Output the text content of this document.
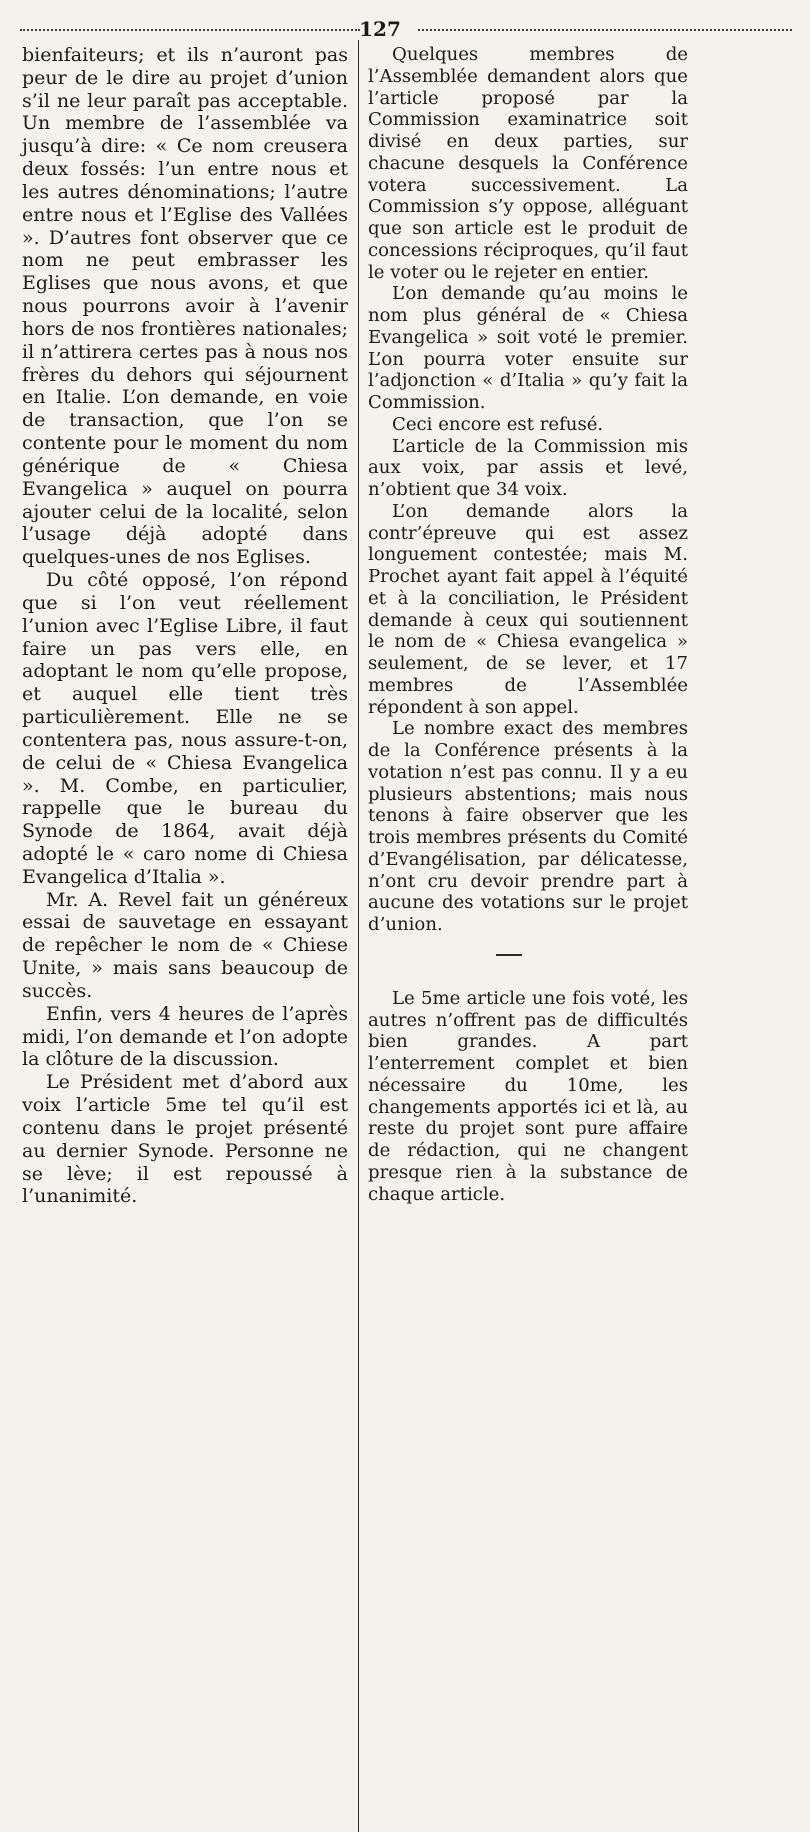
127

bienfaiteurs; et ils n’auront pas peur de le dire au projet d’union s’il ne leur paraît pas acceptable. Un membre de l’assemblée va jusqu’à dire: « Ce nom creusera deux fossés: l’un entre nous et les autres dénominations; l’autre entre nous et l’Eglise des Vallées ». D’autres font observer que ce nom ne peut embrasser les Eglises que nous avons, et que nous pourrons avoir à l’avenir hors de nos frontières nationales; il n’attirera certes pas à nous nos frères du dehors qui séjournent en Italie. L’on demande, en voie de transaction, que l’on se contente pour le moment du nom générique de « Chiesa Evangelica » auquel on pourra ajouter celui de la localité, selon l’usage déjà adopté dans quelques-unes de nos Eglises.

Du côté opposé, l’on répond que si l’on veut réellement l’union avec l’Eglise Libre, il faut faire un pas vers elle, en adoptant le nom qu’elle propose, et auquel elle tient très particulièrement. Elle ne se contentera pas, nous assure-t-on, de celui de « Chiesa Evangelica ». M. Combe, en particulier, rappelle que le bureau du Synode de 1864, avait déjà adopté le « caro nome di Chiesa Evangelica d’Italia ».

Mr. A. Revel fait un généreux essai de sauvetage en essayant de repêcher le nom de « Chiese Unite, » mais sans beaucoup de succès.

Enfin, vers 4 heures de l’après midi, l’on demande et l’on adopte la clôture de la discussion.

Le Président met d’abord aux voix l’article 5me tel qu’il est contenu dans le projet présenté au dernier Synode. Personne ne se lève; il est repoussé à l’unanimité.

Quelques membres de l’Assemblée demandent alors que l’article proposé par la Commission examinatrice soit divisé en deux parties, sur chacune desquels la Conférence votera successivement. La Commission s’y oppose, alléguant que son article est le produit de concessions réciproques, qu’il faut le voter ou le rejeter en entier.

L’on demande qu’au moins le nom plus général de « Chiesa Evangelica » soit voté le premier. L’on pourra voter ensuite sur l’adjonction « d’Italia » qu’y fait la Commission.

Ceci encore est refusé.

L’article de la Commission mis aux voix, par assis et levé, n’obtient que 34 voix.

L’on demande alors la contr’épreuve qui est assez longuement contestée; mais M. Prochet ayant fait appel à l’équité et à la conciliation, le Président demande à ceux qui soutiennent le nom de « Chiesa evangelica » seulement, de se lever, et 17 membres de l’Assemblée répondent à son appel.

Le nombre exact des membres de la Conférence présents à la votation n’est pas connu. Il y a eu plusieurs abstentions; mais nous tenons à faire observer que les trois membres présents du Comité d’Evangélisation, par délicatesse, n’ont cru devoir prendre part à aucune des votations sur le projet d’union.

Le 5me article une fois voté, les autres n’offrent pas de difficultés bien grandes. A part l’enterrement complet et bien nécessaire du 10me, les changements apportés ici et là, au reste du projet sont pure affaire de rédaction, qui ne changent presque rien à la substance de chaque article.
